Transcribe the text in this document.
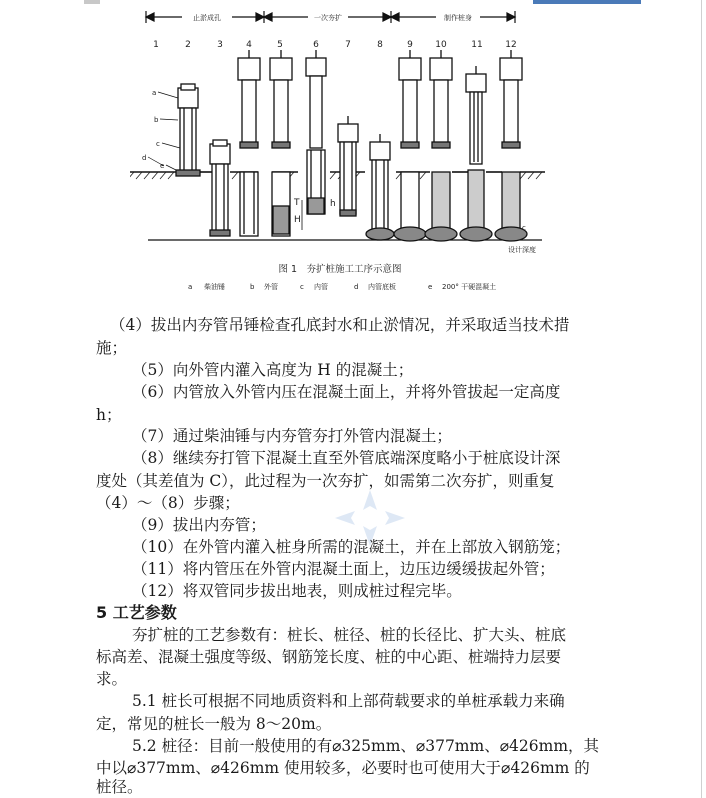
止淤成孔	一次夯扩	制作桩身
1	2	3	4	5	6	7	8	9 10	11	12
设计深度
a
b
c
d
e
T
H
h
c
图 1　夯扩桩施工工序示意图
a 柴油锤	b 外管	c 内管	d 内管底板	e 200° 干硬混凝土

（4）拔出内夯管吊锤检查孔底封水和止淤情况，并采取适当技术措

施；

（5）向外管内灌入高度为 H 的混凝土；

（6）内管放入外管内压在混凝土面上，并将外管拔起一定高度

h；

（7）通过柴油锤与内夯管夯打外管内混凝土；

（8）继续夯打管下混凝土直至外管底端深度略小于桩底设计深

度处（其差值为 C），此过程为一次夯扩，如需第二次夯扩，则重复

（4）～（8）步骤；

（9）拔出内夯管；

（10）在外管内灌入桩身所需的混凝土，并在上部放入钢筋笼；

（11）将内管压在外管内混凝土面上，边压边缓缓拔起外管；

（12）将双管同步拔出地表，则成桩过程完毕。

5 工艺参数

夯扩桩的工艺参数有：桩长、桩径、桩的长径比、扩大头、桩底

标高差、混凝土强度等级、钢筋笼长度、桩的中心距、桩端持力层要

求。

5.1 桩长可根据不同地质资料和上部荷载要求的单桩承载力来确

定，常见的桩长一般为 8～20m。

5.2 桩径：目前一般使用的有⌀325mm、⌀377mm、⌀426mm，其

中以⌀377mm、⌀426mm 使用较多，必要时也可使用大于⌀426mm 的

桩径。
